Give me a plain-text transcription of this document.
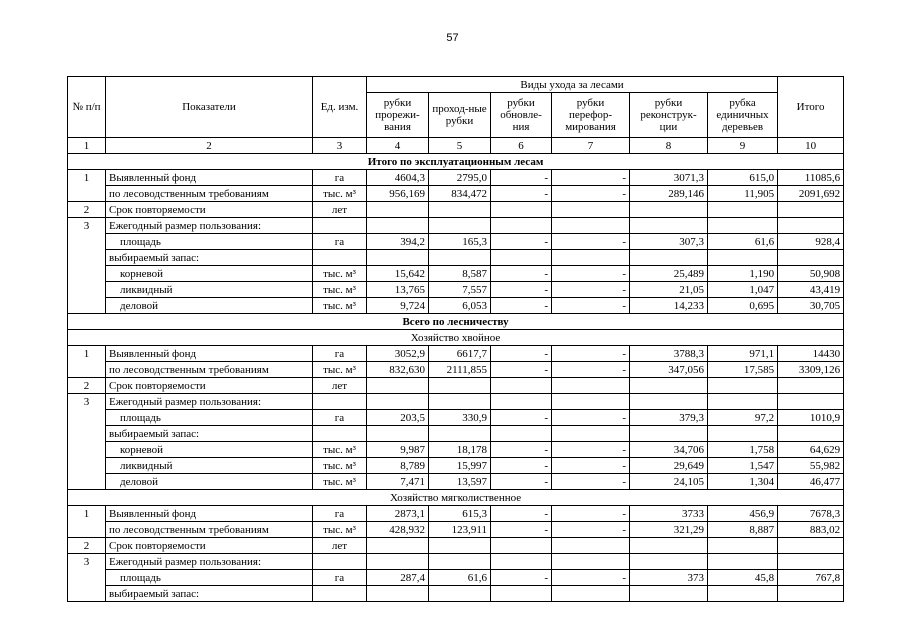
57
№ п/п	Показатели	Ед. изм.	Виды ухода за лесами						Итого
			рубки прорежи-вания	проход-ные рубки	рубки обновле-ния	рубки перефор-мирования	рубки реконструк-ции	рубка единичных деревьев	
1	2	3	4	5	6	7	8	9	10
Итого по эксплуатационным лесам									
1	Выявленный фонд	га	4604,3	2795,0	-	-	3071,3	615,0	11085,6
	по лесоводственным требованиям	тыс. м³	956,169	834,472	-	-	289,146	11,905	2091,692
2	Срок повторяемости	лет							
3	Ежегодный размер пользования:								
	площадь	га	394,2	165,3	-	-	307,3	61,6	928,4
	выбираемый запас:								
	корневой	тыс. м³	15,642	8,587	-	-	25,489	1,190	50,908
	ликвидный	тыс. м³	13,765	7,557	-	-	21,05	1,047	43,419
	деловой	тыс. м³	9,724	6,053	-	-	14,233	0,695	30,705
Всего по лесничеству									
Хозяйство хвойное									
1	Выявленный фонд	га	3052,9	6617,7	-	-	3788,3	971,1	14430
	по лесоводственным требованиям	тыс. м³	832,630	2111,855	-	-	347,056	17,585	3309,126
2	Срок повторяемости	лет							
3	Ежегодный размер пользования:								
	площадь	га	203,5	330,9	-	-	379,3	97,2	1010,9
	выбираемый запас:								
	корневой	тыс. м³	9,987	18,178	-	-	34,706	1,758	64,629
	ликвидный	тыс. м³	8,789	15,997	-	-	29,649	1,547	55,982
	деловой	тыс. м³	7,471	13,597	-	-	24,105	1,304	46,477
Хозяйство мягколиственное									
1	Выявленный фонд	га	2873,1	615,3	-	-	3733	456,9	7678,3
	по лесоводственным требованиям	тыс. м³	428,932	123,911	-	-	321,29	8,887	883,02
2	Срок повторяемости	лет							
3	Ежегодный размер пользования:								
	площадь	га	287,4	61,6	-	-	373	45,8	767,8
	выбираемый запас:								
